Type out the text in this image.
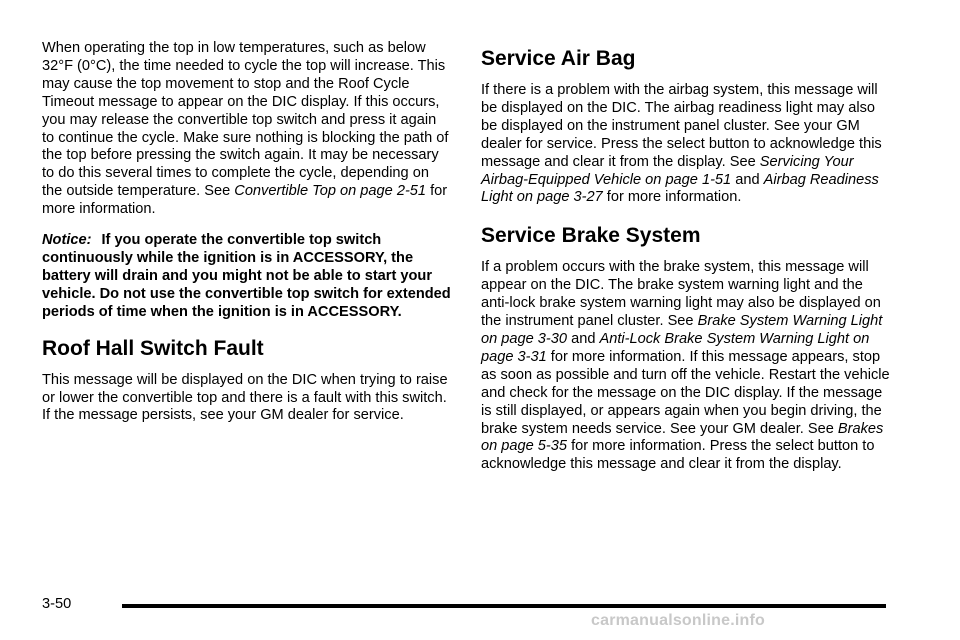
When operating the top in low temperatures, such as below 32°F (0°C), the time needed to cycle the top will increase. This may cause the top movement to stop and the Roof Cycle Timeout message to appear on the DIC display. If this occurs, you may release the convertible top switch and press it again to continue the cycle. Make sure nothing is blocking the path of the top before pressing the switch again. It may be necessary to do this several times to complete the cycle, depending on the outside temperature. See Convertible Top on page 2-51 for more information.

Notice: If you operate the convertible top switch continuously while the ignition is in ACCESSORY, the battery will drain and you might not be able to start your vehicle. Do not use the convertible top switch for extended periods of time when the ignition is in ACCESSORY.

Roof Hall Switch Fault

This message will be displayed on the DIC when trying to raise or lower the convertible top and there is a fault with this switch. If the message persists, see your GM dealer for service.

Service Air Bag

If there is a problem with the airbag system, this message will be displayed on the DIC. The airbag readiness light may also be displayed on the instrument panel cluster. See your GM dealer for service. Press the select button to acknowledge this message and clear it from the display. See Servicing Your Airbag-Equipped Vehicle on page 1-51 and Airbag Readiness Light on page 3-27 for more information.

Service Brake System

If a problem occurs with the brake system, this message will appear on the DIC. The brake system warning light and the anti-lock brake system warning light may also be displayed on the instrument panel cluster. See Brake System Warning Light on page 3-30 and Anti-Lock Brake System Warning Light on page 3-31 for more information. If this message appears, stop as soon as possible and turn off the vehicle. Restart the vehicle and check for the message on the DIC display. If the message is still displayed, or appears again when you begin driving, the brake system needs service. See your GM dealer. See Brakes on page 5-35 for more information. Press the select button to acknowledge this message and clear it from the display.

3-50
carmanualsonline.info
